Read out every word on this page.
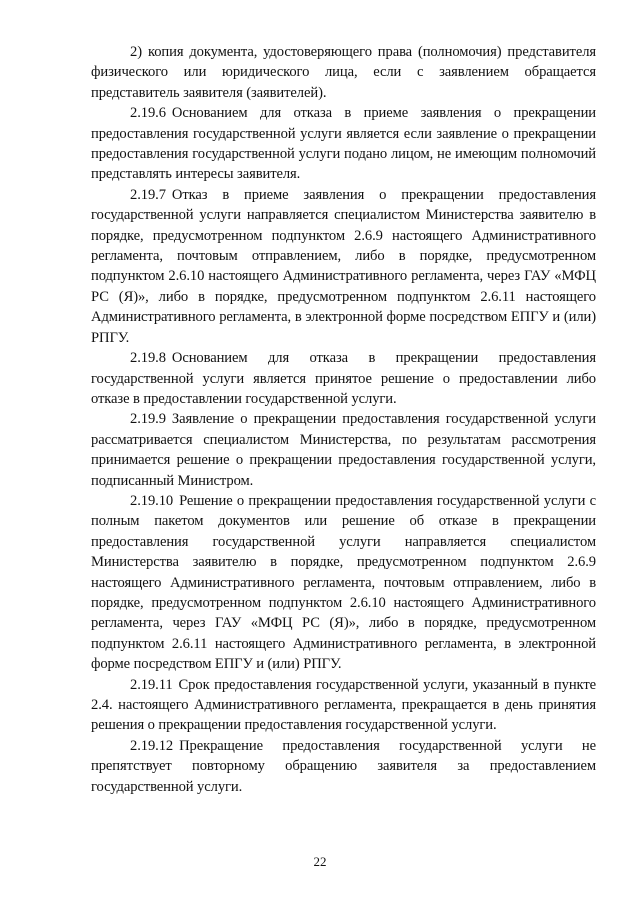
2) копия документа, удостоверяющего права (полномочия) представителя физического или юридического лица, если с заявлением обращается представитель заявителя (заявителей).

2.19.6 Основанием для отказа в приеме заявления о прекращении предоставления государственной услуги является если заявление о прекращении предоставления государственной услуги подано лицом, не имеющим полномочий представлять интересы заявителя.

2.19.7 Отказ в приеме заявления о прекращении предоставления государственной услуги направляется специалистом Министерства заявителю в порядке, предусмотренном подпунктом 2.6.9 настоящего Административного регламента, почтовым отправлением, либо в порядке, предусмотренном подпунктом 2.6.10 настоящего Административного регламента, через ГАУ «МФЦ РС (Я)», либо в порядке, предусмотренном подпунктом 2.6.11 настоящего Административного регламента, в электронной форме посредством ЕПГУ и (или) РПГУ.

2.19.8 Основанием для отказа в прекращении предоставления государственной услуги является принятое решение о предоставлении либо отказе в предоставлении государственной услуги.

2.19.9 Заявление о прекращении предоставления государственной услуги рассматривается специалистом Министерства, по результатам рассмотрения принимается решение о прекращении предоставления государственной услуги, подписанный Министром.

2.19.10 Решение о прекращении предоставления государственной услуги с полным пакетом документов или решение об отказе в прекращении предоставления государственной услуги направляется специалистом Министерства заявителю в порядке, предусмотренном подпунктом 2.6.9 настоящего Административного регламента, почтовым отправлением, либо в порядке, предусмотренном подпунктом 2.6.10 настоящего Административного регламента, через ГАУ «МФЦ РС (Я)», либо в порядке, предусмотренном подпунктом 2.6.11 настоящего Административного регламента, в электронной форме посредством ЕПГУ и (или) РПГУ.

2.19.11 Срок предоставления государственной услуги, указанный в пункте 2.4. настоящего Административного регламента, прекращается в день принятия решения о прекращении предоставления государственной услуги.

2.19.12 Прекращение предоставления государственной услуги не препятствует повторному обращению заявителя за предоставлением государственной услуги.

22
